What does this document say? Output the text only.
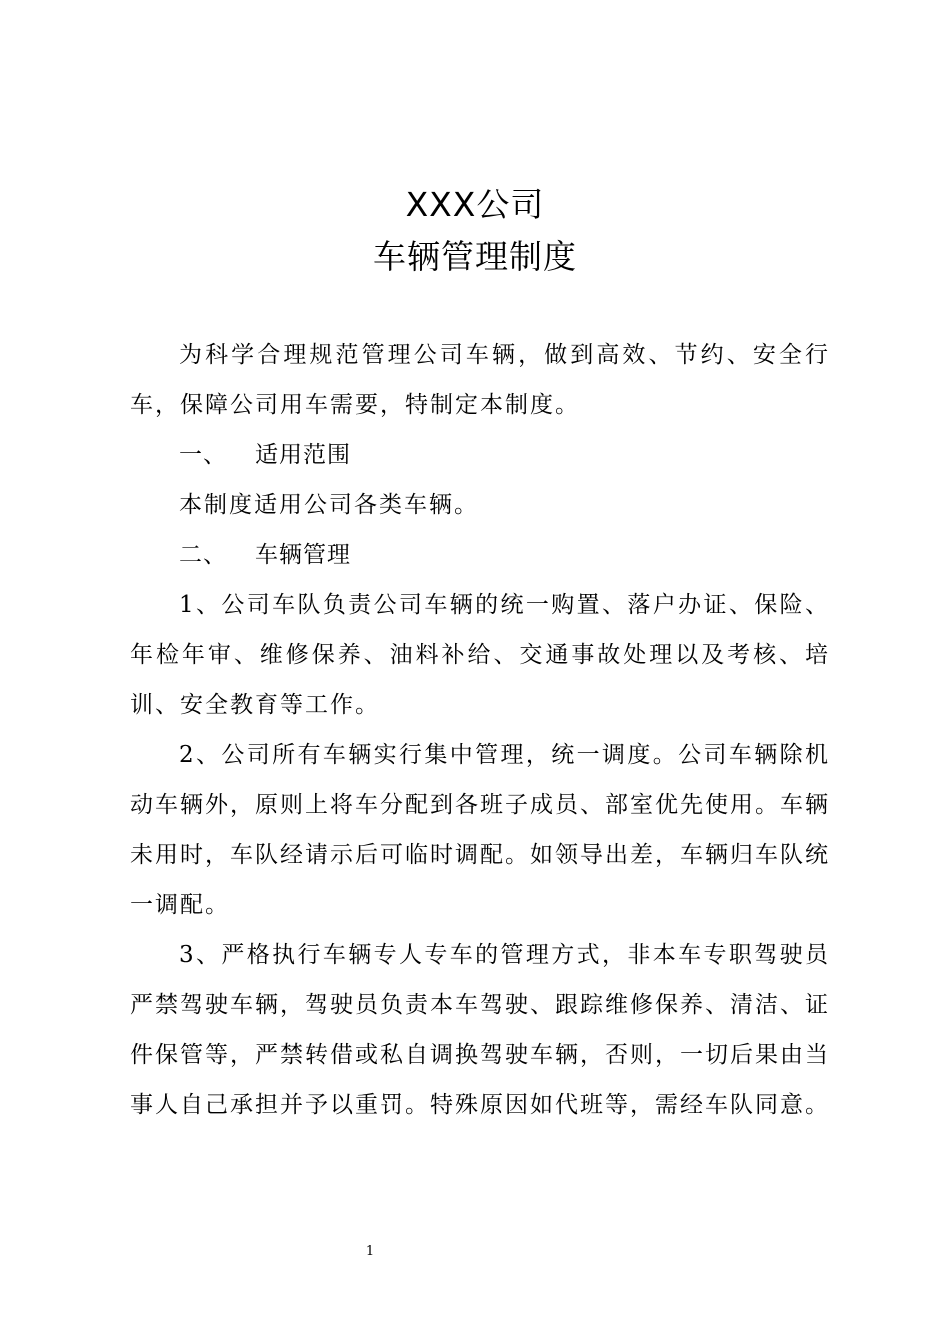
XXX公司
车辆管理制度

为科学合理规范管理公司车辆，做到高效、节约、安全行车，保障公司用车需要，特制定本制度。

一、 适用范围

本制度适用公司各类车辆。

二、 车辆管理

1、公司车队负责公司车辆的统一购置、落户办证、保险、年检年审、维修保养、油料补给、交通事故处理以及考核、培训、安全教育等工作。

2、公司所有车辆实行集中管理，统一调度。公司车辆除机动车辆外，原则上将车分配到各班子成员、部室优先使用。车辆未用时，车队经请示后可临时调配。如领导出差，车辆归车队统一调配。

3、严格执行车辆专人专车的管理方式，非本车专职驾驶员严禁驾驶车辆，驾驶员负责本车驾驶、跟踪维修保养、清洁、证件保管等，严禁转借或私自调换驾驶车辆，否则，一切后果由当事人自己承担并予以重罚。特殊原因如代班等，需经车队同意。

1
